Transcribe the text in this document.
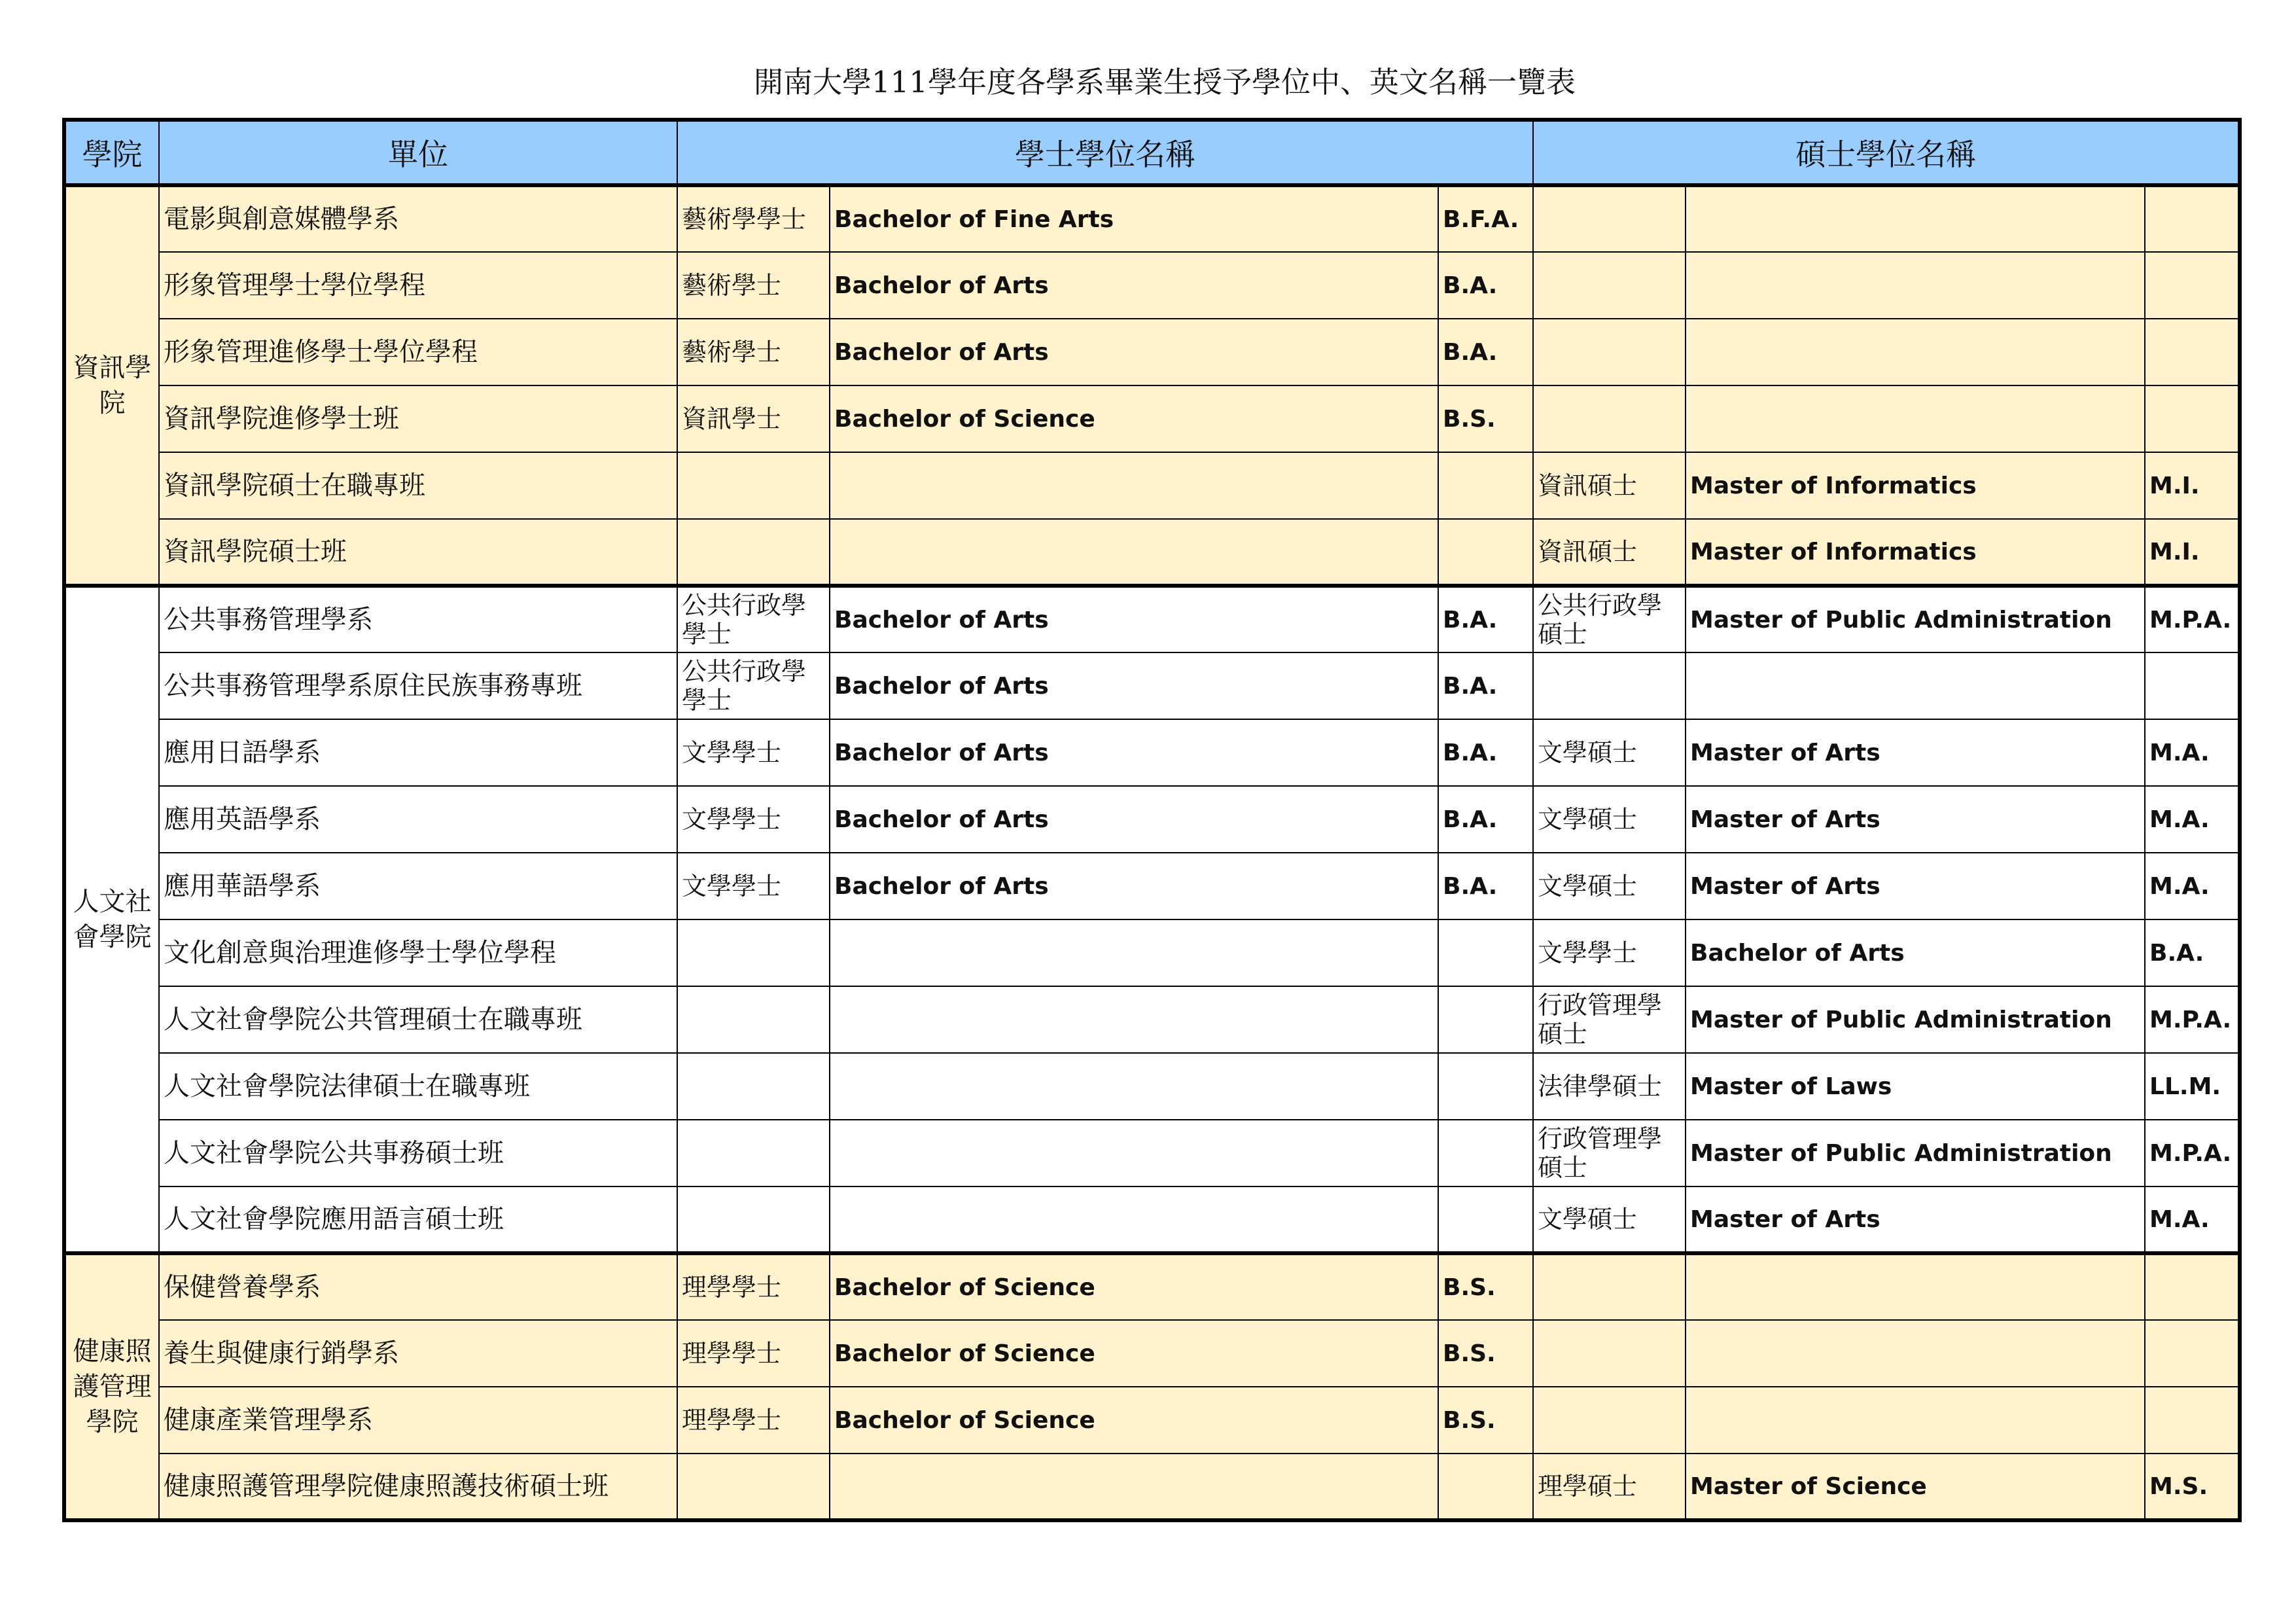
開南大學111學年度各學系畢業生授予學位中、英文名稱一覽表
學院	單位	學士學位名稱			碩士學位名稱		
資訊學院	電影與創意媒體學系	藝術學學士	Bachelor of Fine Arts	B.F.A.			
	形象管理學士學位學程	藝術學士	Bachelor of Arts	B.A.			
	形象管理進修學士學位學程	藝術學士	Bachelor of Arts	B.A.			
	資訊學院進修學士班	資訊學士	Bachelor of Science	B.S.			
	資訊學院碩士在職專班				資訊碩士	Master of Informatics	M.I.
	資訊學院碩士班				資訊碩士	Master of Informatics	M.I.
人文社會學院	公共事務管理學系	公共行政學學士	Bachelor of Arts	B.A.	公共行政學碩士	Master of Public Administration	M.P.A.
	公共事務管理學系原住民族事務專班	公共行政學學士	Bachelor of Arts	B.A.			
	應用日語學系	文學學士	Bachelor of Arts	B.A.	文學碩士	Master of Arts	M.A.
	應用英語學系	文學學士	Bachelor of Arts	B.A.	文學碩士	Master of Arts	M.A.
	應用華語學系	文學學士	Bachelor of Arts	B.A.	文學碩士	Master of Arts	M.A.
	文化創意與治理進修學士學位學程				文學學士	Bachelor of Arts	B.A.
	人文社會學院公共管理碩士在職專班				行政管理學碩士	Master of Public Administration	M.P.A.
	人文社會學院法律碩士在職專班				法律學碩士	Master of Laws	LL.M.
	人文社會學院公共事務碩士班				行政管理學碩士	Master of Public Administration	M.P.A.
	人文社會學院應用語言碩士班				文學碩士	Master of Arts	M.A.
健康照護管理學院	保健營養學系	理學學士	Bachelor of Science	B.S.			
	養生與健康行銷學系	理學學士	Bachelor of Science	B.S.			
	健康產業管理學系	理學學士	Bachelor of Science	B.S.			
	健康照護管理學院健康照護技術碩士班				理學碩士	Master of Science	M.S.
